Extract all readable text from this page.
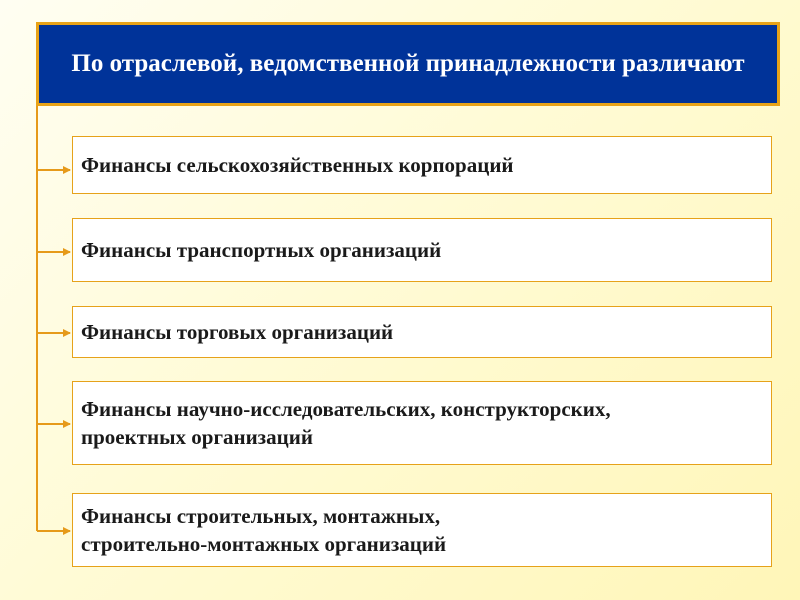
По отраслевой, ведомственной принадлежности различают
Финансы сельскохозяйственных корпораций
Финансы транспортных организаций
Финансы торговых организаций
Финансы научно-исследовательских, конструкторских,
проектных организаций
Финансы строительных, монтажных,
строительно-монтажных организаций
